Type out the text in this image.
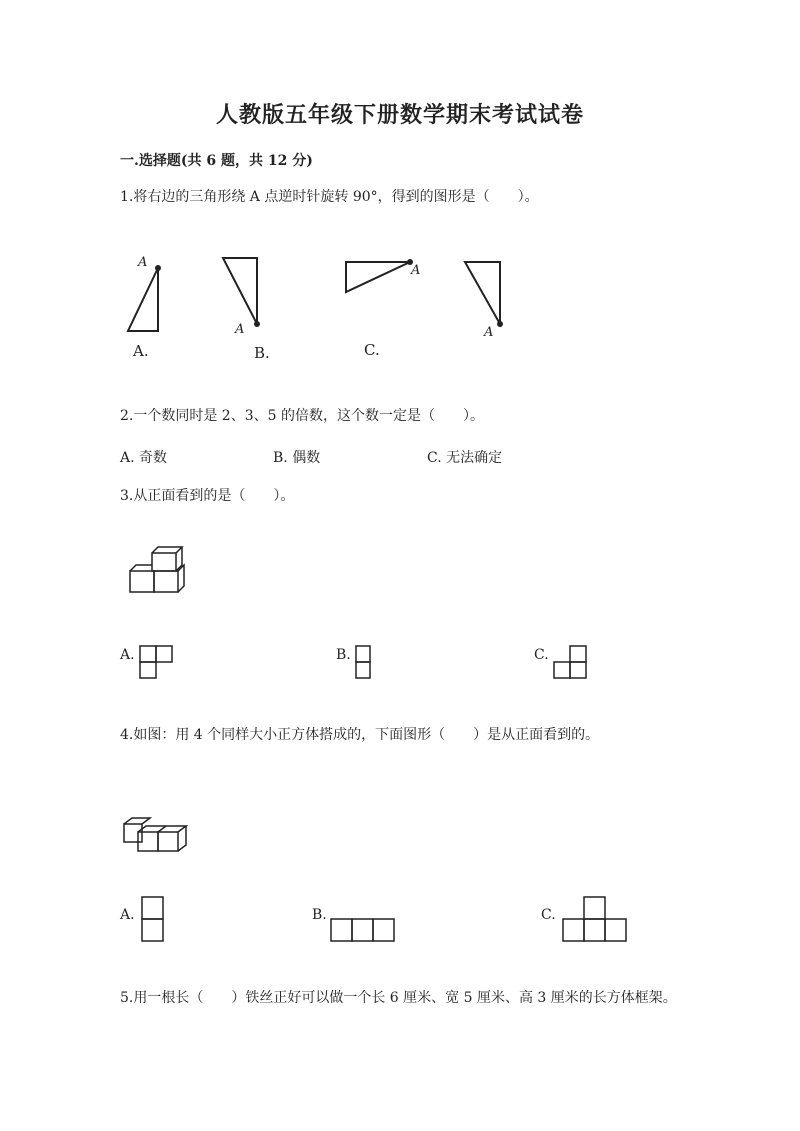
人教版五年级下册数学期末考试试卷
一.选择题(共 6 题，共 12 分)
1.将右边的三角形绕 A 点逆时针旋转 90°，得到的图形是（　　）。
A
A
A
A
A.	B.	C.
2.一个数同时是 2、3、5 的倍数，这个数一定是（　　）。
A. 奇数	B. 偶数	C. 无法确定
3.从正面看到的是（　　）。
A.	B.	C.
4.如图：用 4 个同样大小正方体搭成的，下面图形（　　）是从正面看到的。
A.	B.	C.
5.用一根长（　　）铁丝正好可以做一个长 6 厘米、宽 5 厘米、高 3 厘米的长方体框架。
